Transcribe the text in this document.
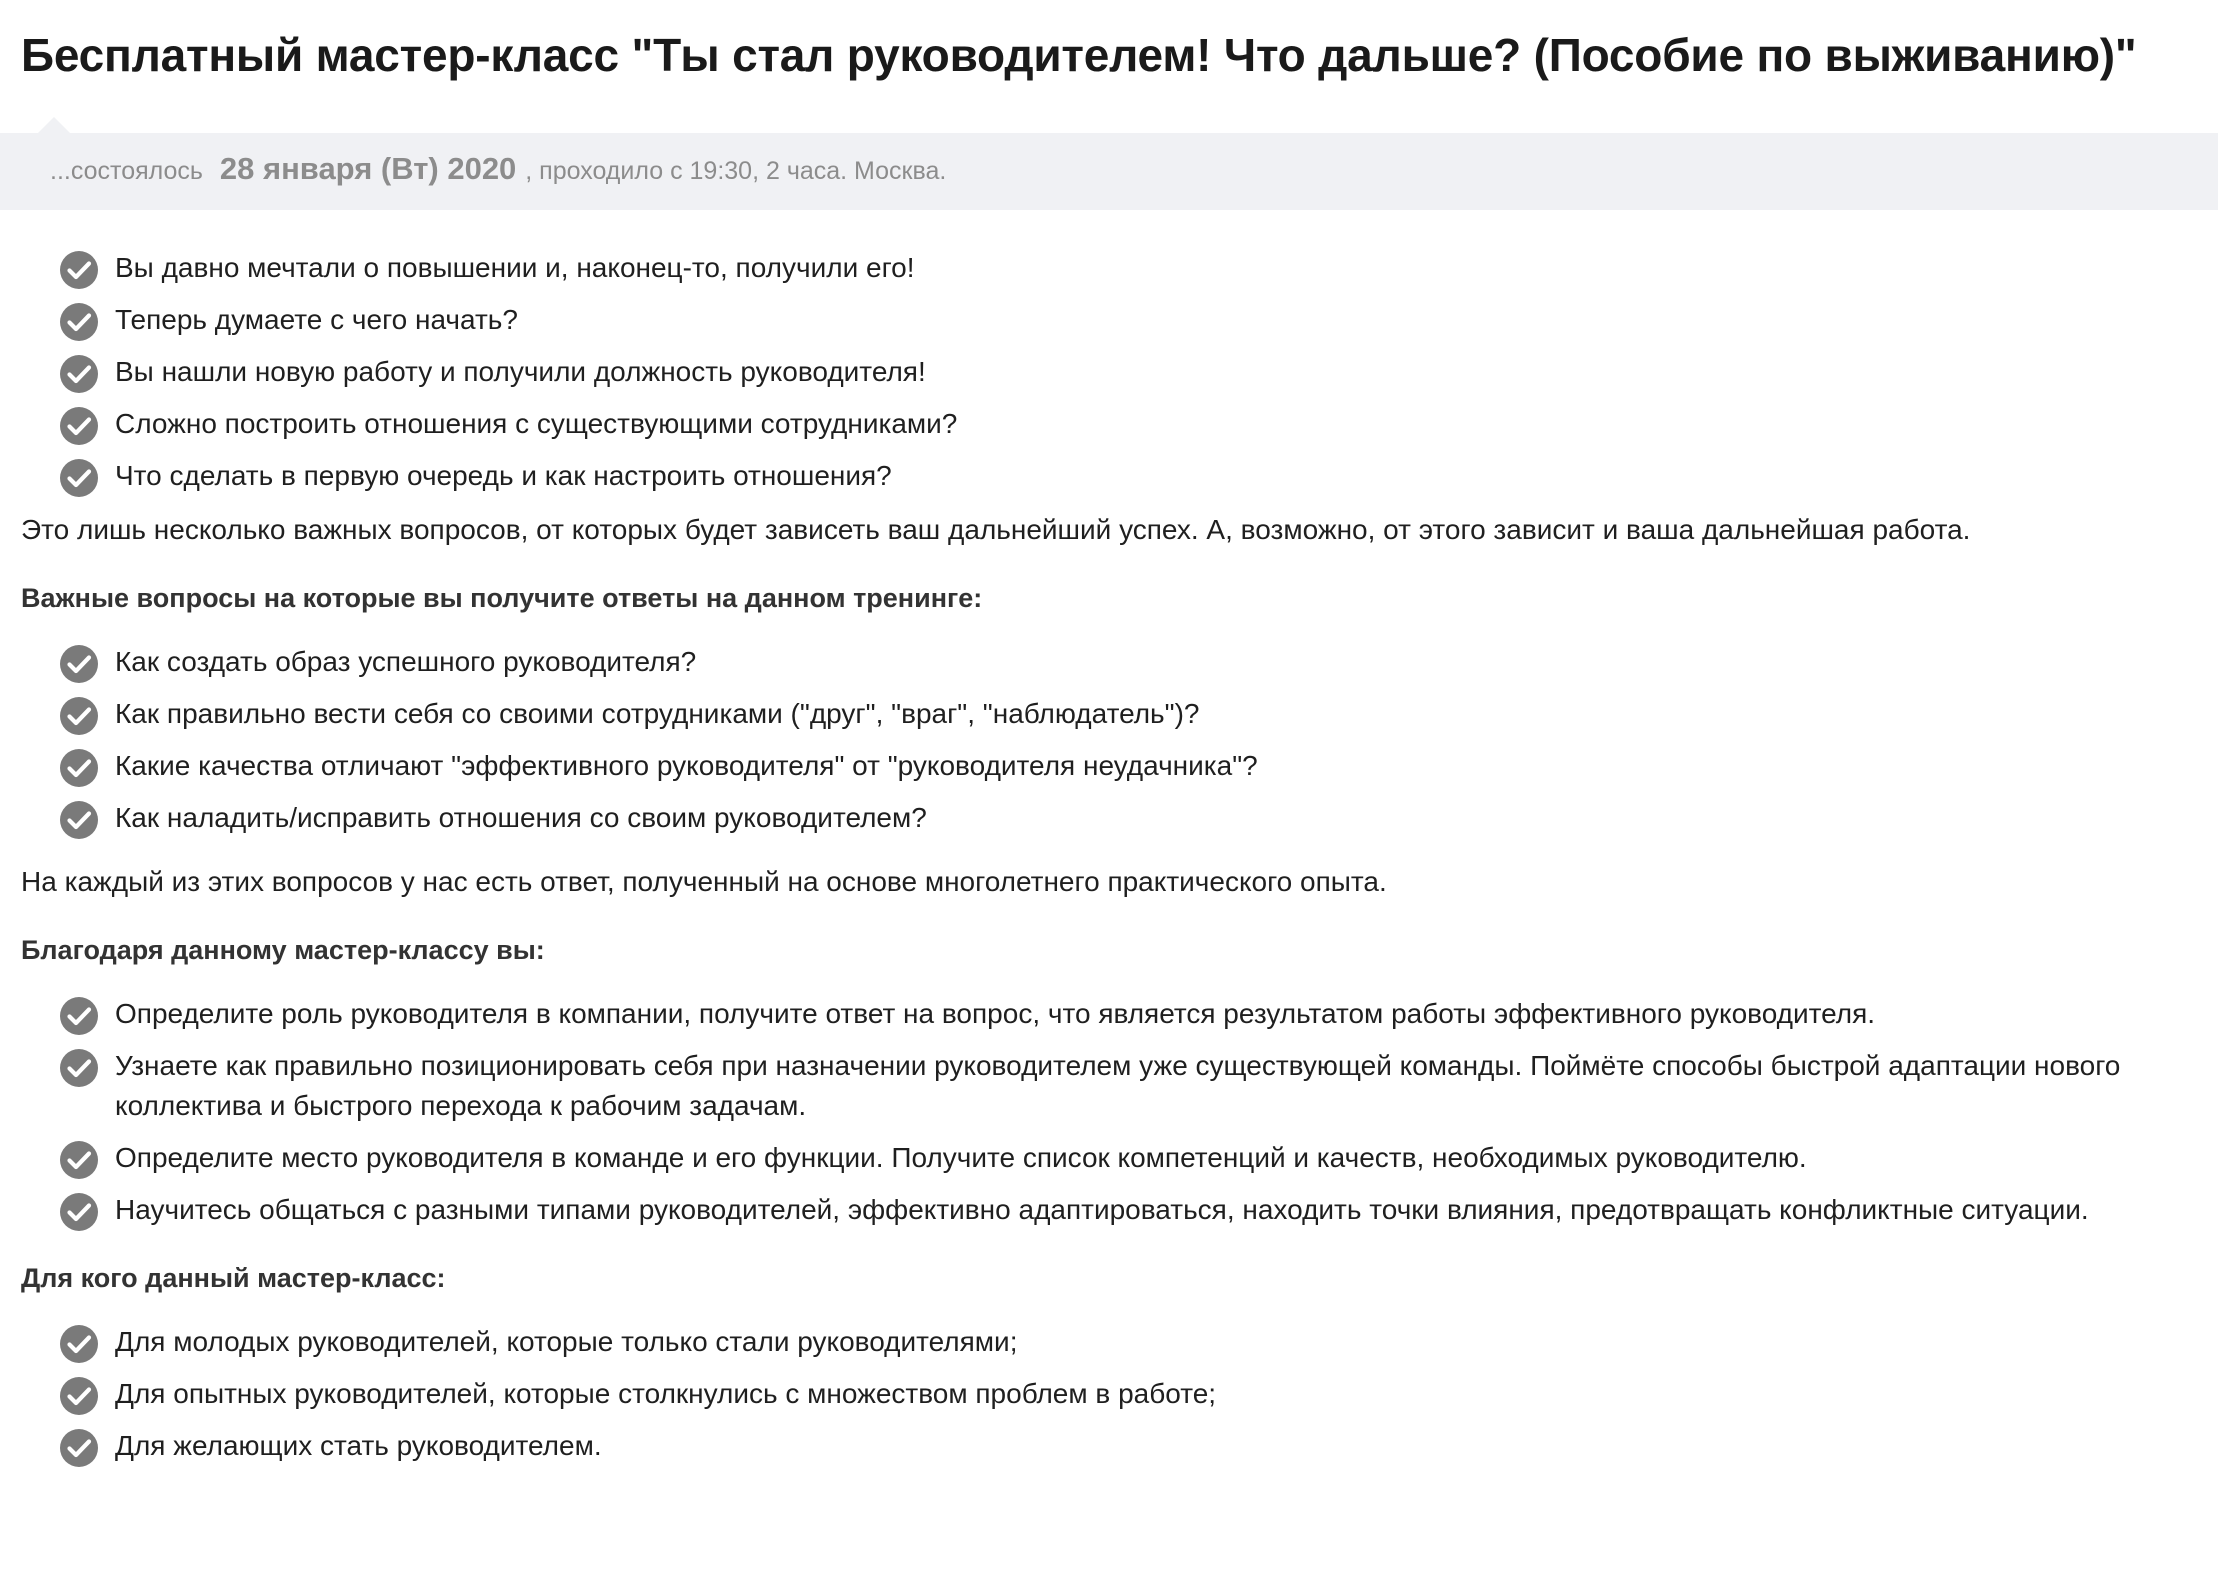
Бесплатный мастер-класс "Ты стал руководителем! Что дальше? (Пособие по выживанию)"
...состоялось 28 января (Вт) 2020 , проходило с 19:30, 2 часа. Москва.
Вы давно мечтали о повышении и, наконец-то, получили его!
Теперь думаете с чего начать?
Вы нашли новую работу и получили должность руководителя!
Сложно построить отношения с существующими сотрудниками?
Что сделать в первую очередь и как настроить отношения?

Это лишь несколько важных вопросов, от которых будет зависеть ваш дальнейший успех. А, возможно, от этого зависит и ваша дальнейшая работа.

Важные вопросы на которые вы получите ответы на данном тренинге:

Как создать образ успешного руководителя?
Как правильно вести себя со своими сотрудниками ("друг", "враг", "наблюдатель")?
Какие качества отличают "эффективного руководителя" от "руководителя неудачника"?
Как наладить/исправить отношения со своим руководителем?

На каждый из этих вопросов у нас есть ответ, полученный на основе многолетнего практического опыта.

Благодаря данному мастер-классу вы:

Определите роль руководителя в компании, получите ответ на вопрос, что является результатом работы эффективного руководителя.
Узнаете как правильно позиционировать себя при назначении руководителем уже существующей команды. Поймёте способы быстрой адаптации нового коллектива и быстрого перехода к рабочим задачам.
Определите место руководителя в команде и его функции. Получите список компетенций и качеств, необходимых руководителю.
Научитесь общаться с разными типами руководителей, эффективно адаптироваться, находить точки влияния, предотвращать конфликтные ситуации.

Для кого данный мастер-класс:

Для молодых руководителей, которые только стали руководителями;
Для опытных руководителей, которые столкнулись с множеством проблем в работе;
Для желающих стать руководителем.
